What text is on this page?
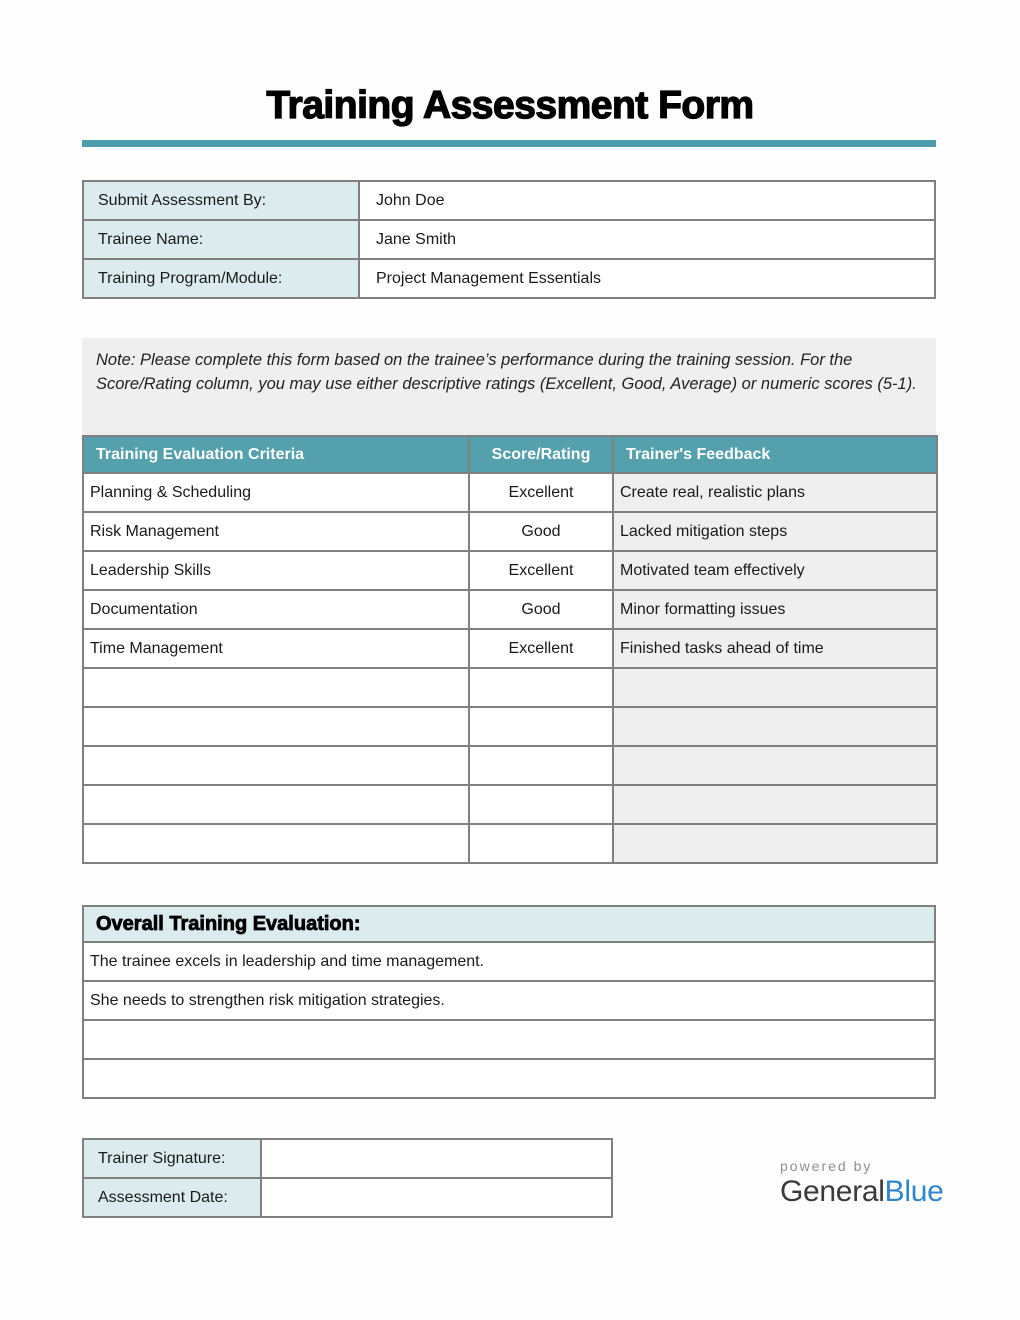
Training Assessment Form
Submit Assessment By:	John Doe
Trainee Name:	Jane Smith
Training Program/Module:	Project Management Essentials
Note: Please complete this form based on the trainee’s performance during the training session. For the Score/Rating column, you may use either descriptive ratings (Excellent, Good, Average) or numeric scores (5-1).
Training Evaluation Criteria	Score/Rating	Trainer's Feedback
Planning & Scheduling	Excellent	Create real, realistic plans
Risk Management	Good	Lacked mitigation steps
Leadership Skills	Excellent	Motivated team effectively
Documentation	Good	Minor formatting issues
Time Management	Excellent	Finished tasks ahead of time

Overall Training Evaluation:
The trainee excels in leadership and time management.
She needs to strengthen risk mitigation strategies.

Trainer Signature:	
Assessment Date:	
powered by
GeneralBlue
